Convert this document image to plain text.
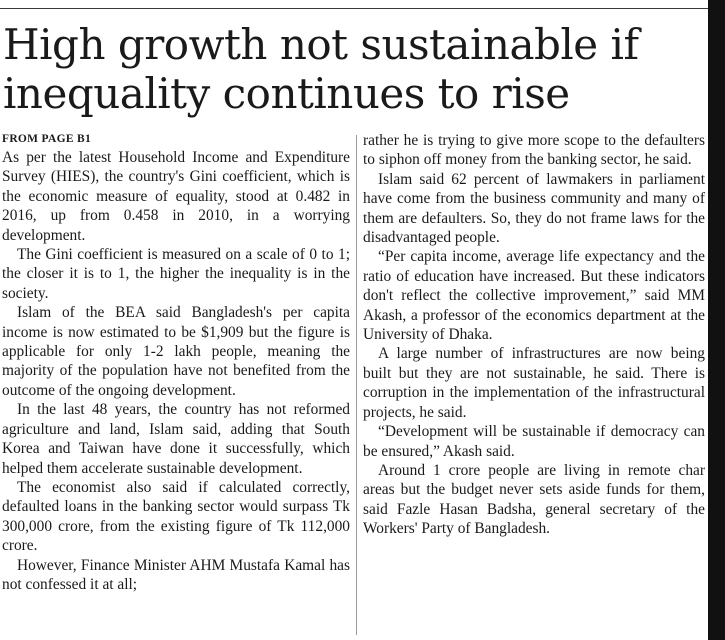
High growth not sustainable if inequality continues to rise
FROM PAGE B1

As per the latest Household Income and Expenditure Survey (HIES), the country's Gini coefficient, which is the economic measure of equality, stood at 0.482 in 2016, up from 0.458 in 2010, in a worrying development.

The Gini coefficient is measured on a scale of 0 to 1; the closer it is to 1, the higher the inequality is in the society.

Islam of the BEA said Bangladesh's per capita income is now estimated to be $1,909 but the figure is applicable for only 1-2 lakh people, meaning the majority of the population have not benefited from the outcome of the ongoing development.

In the last 48 years, the country has not reformed agriculture and land, Islam said, adding that South Korea and Taiwan have done it successfully, which helped them accelerate sustainable development.

The economist also said if calculated correctly, defaulted loans in the banking sector would surpass Tk 300,000 crore, from the existing figure of Tk 112,000 crore.

However, Finance Minister AHM Mustafa Kamal has not confessed it at all;

rather he is trying to give more scope to the defaulters to siphon off money from the banking sector, he said.

Islam said 62 percent of lawmakers in parliament have come from the business community and many of them are defaulters. So, they do not frame laws for the disadvantaged people.

“Per capita income, average life expectancy and the ratio of education have increased. But these indicators don't reflect the collective improvement,” said MM Akash, a professor of the economics department at the University of Dhaka.

A large number of infrastructures are now being built but they are not sustainable, he said. There is corruption in the implementation of the infrastructural projects, he said.

“Development will be sustainable if democracy can be ensured,” Akash said.

Around 1 crore people are living in remote char areas but the budget never sets aside funds for them, said Fazle Hasan Badsha, general secretary of the Workers' Party of Bangladesh.
